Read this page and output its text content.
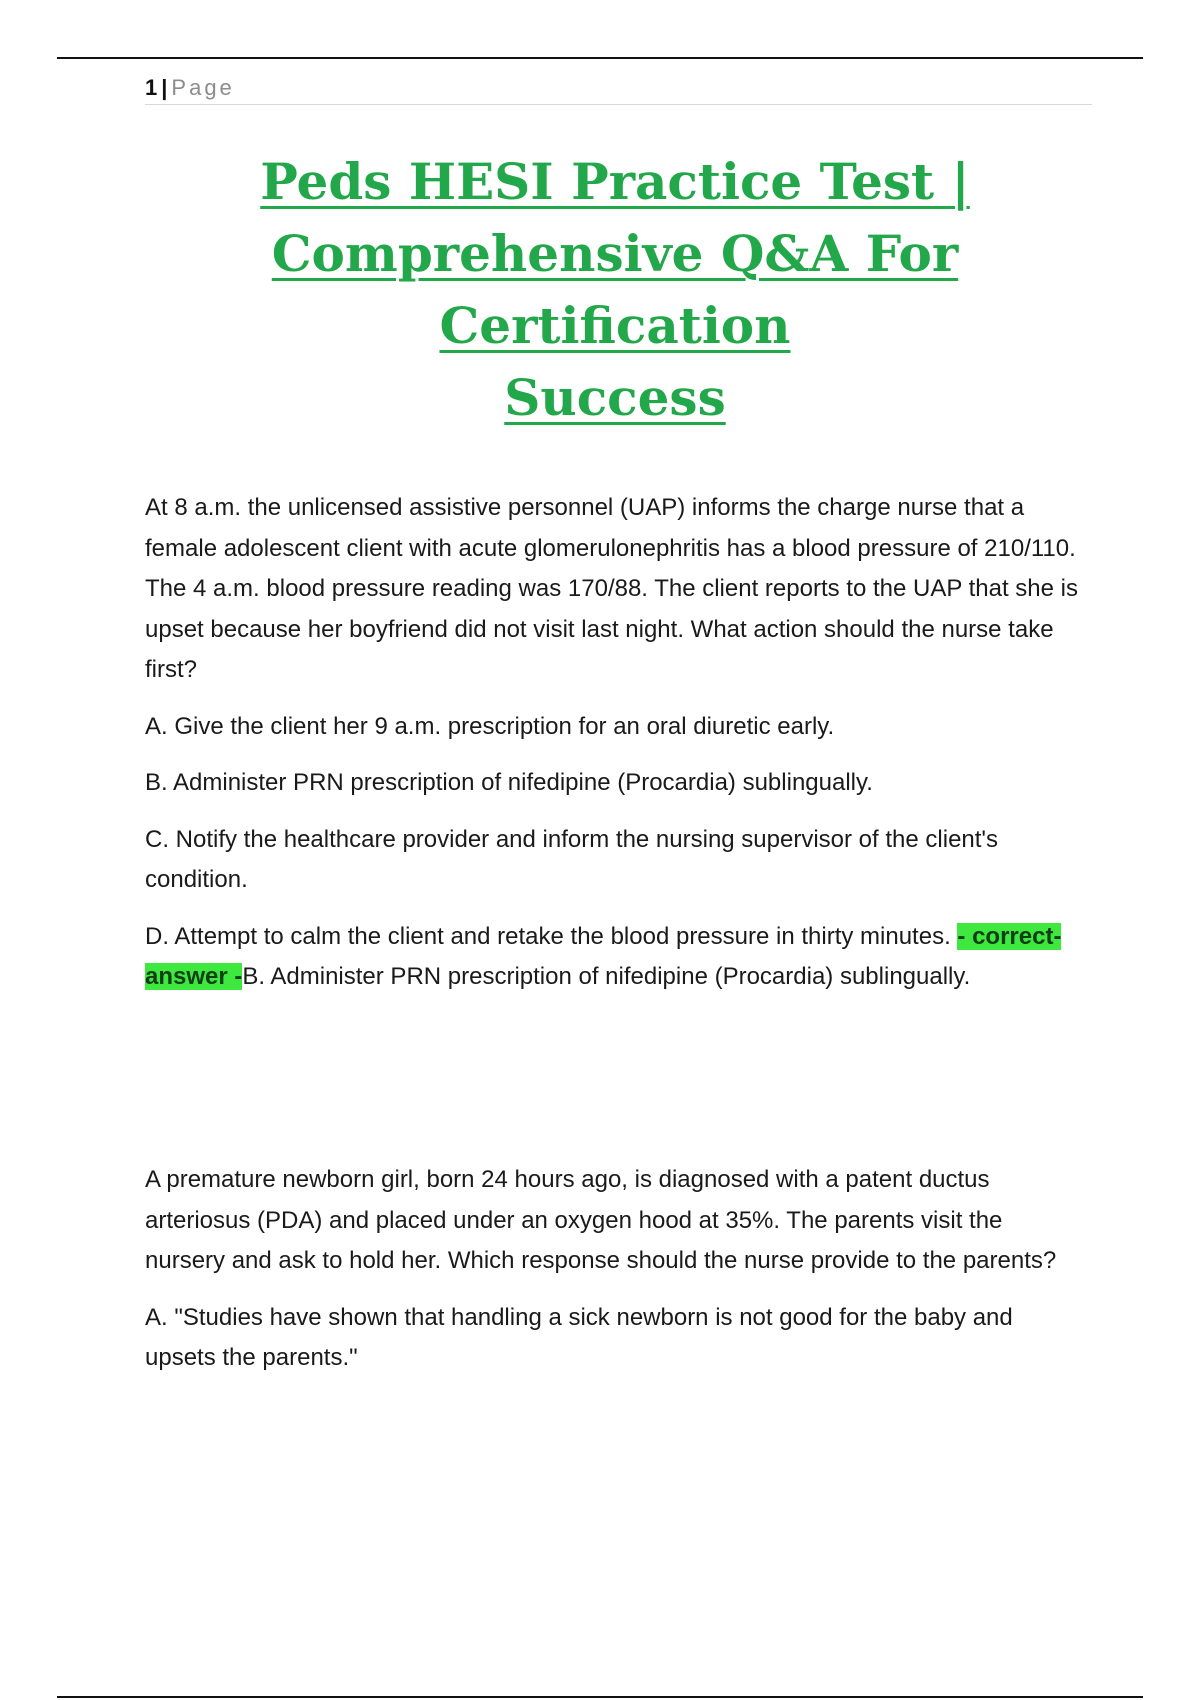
1 | Page
Peds HESI Practice Test |
Comprehensive Q&A For Certification
Success

At 8 a.m. the unlicensed assistive personnel (UAP) informs the charge nurse that a female adolescent client with acute glomerulonephritis has a blood pressure of 210/110. The 4 a.m. blood pressure reading was 170/88. The client reports to the UAP that she is upset because her boyfriend did not visit last night. What action should the nurse take first?

A. Give the client her 9 a.m. prescription for an oral diuretic early.

B. Administer PRN prescription of nifedipine (Procardia) sublingually.

C. Notify the healthcare provider and inform the nursing supervisor of the client's condition.

D. Attempt to calm the client and retake the blood pressure in thirty minutes. - correct-answer -B. Administer PRN prescription of nifedipine (Procardia) sublingually.

A premature newborn girl, born 24 hours ago, is diagnosed with a patent ductus arteriosus (PDA) and placed under an oxygen hood at 35%. The parents visit the nursery and ask to hold her. Which response should the nurse provide to the parents?

A. "Studies have shown that handling a sick newborn is not good for the baby and upsets the parents."
